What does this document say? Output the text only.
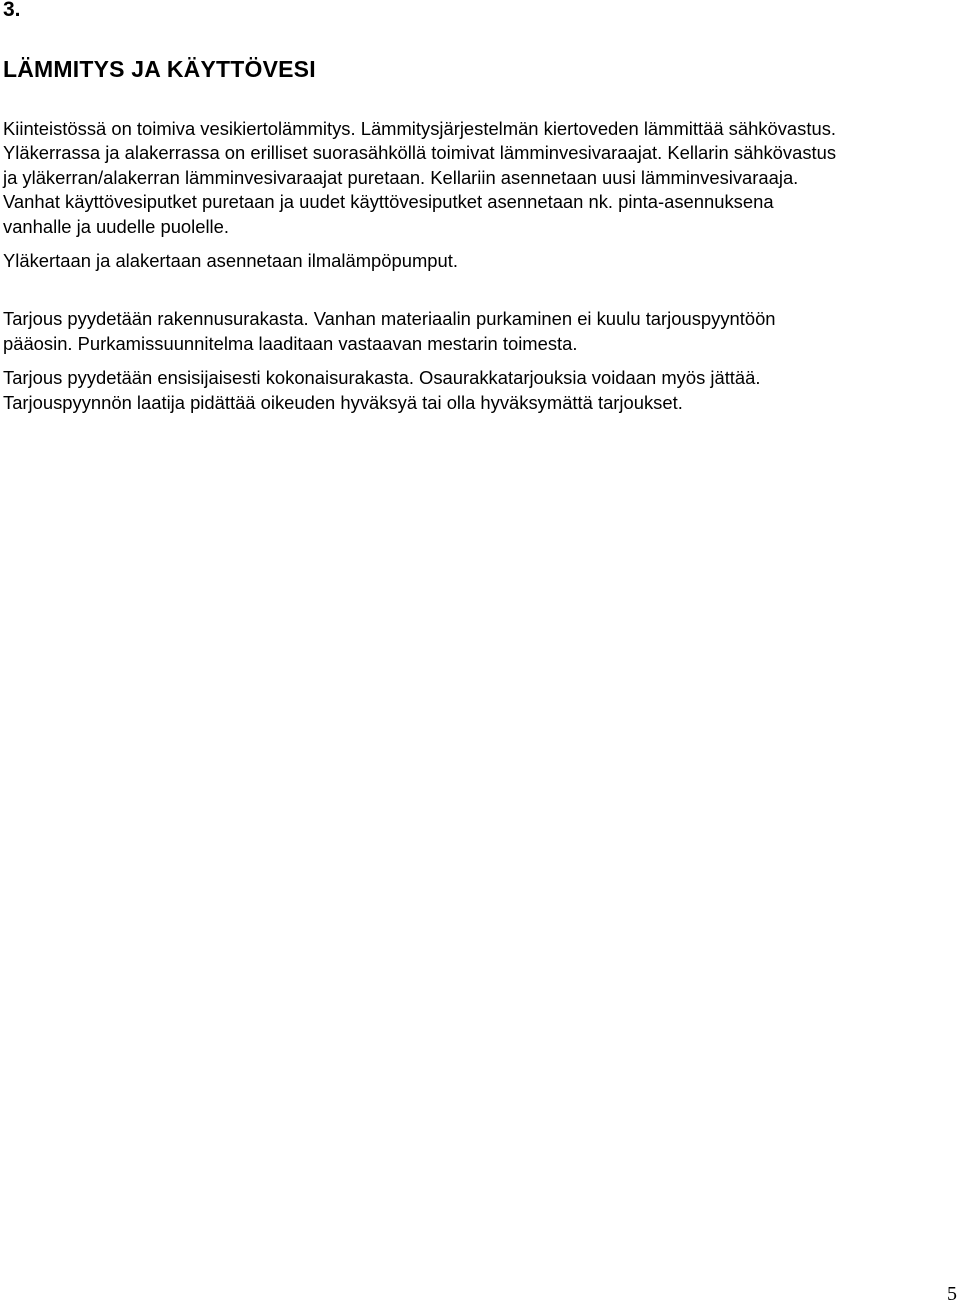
3.
LÄMMITYS JA KÄYTTÖVESI

Kiinteistössä on toimiva vesikiertolämmitys. Lämmitysjärjestelmän kiertoveden lämmittää sähkövastus.
Yläkerrassa ja alakerrassa on erilliset suorasähköllä toimivat lämminvesivaraajat. Kellarin sähkövastus
ja yläkerran/alakerran lämminvesivaraajat puretaan. Kellariin asennetaan uusi lämminvesivaraaja.
Vanhat käyttövesiputket puretaan ja uudet käyttövesiputket asennetaan nk. pinta-asennuksena
vanhalle ja uudelle puolelle.

Yläkertaan ja alakertaan asennetaan ilmalämpöpumput.

Tarjous pyydetään rakennusurakasta. Vanhan materiaalin purkaminen ei kuulu tarjouspyyntöön
pääosin. Purkamissuunnitelma laaditaan vastaavan mestarin toimesta.

Tarjous pyydetään ensisijaisesti kokonaisurakasta. Osaurakkatarjouksia voidaan myös jättää.
Tarjouspyynnön laatija pidättää oikeuden hyväksyä tai olla hyväksymättä tarjoukset.

5
